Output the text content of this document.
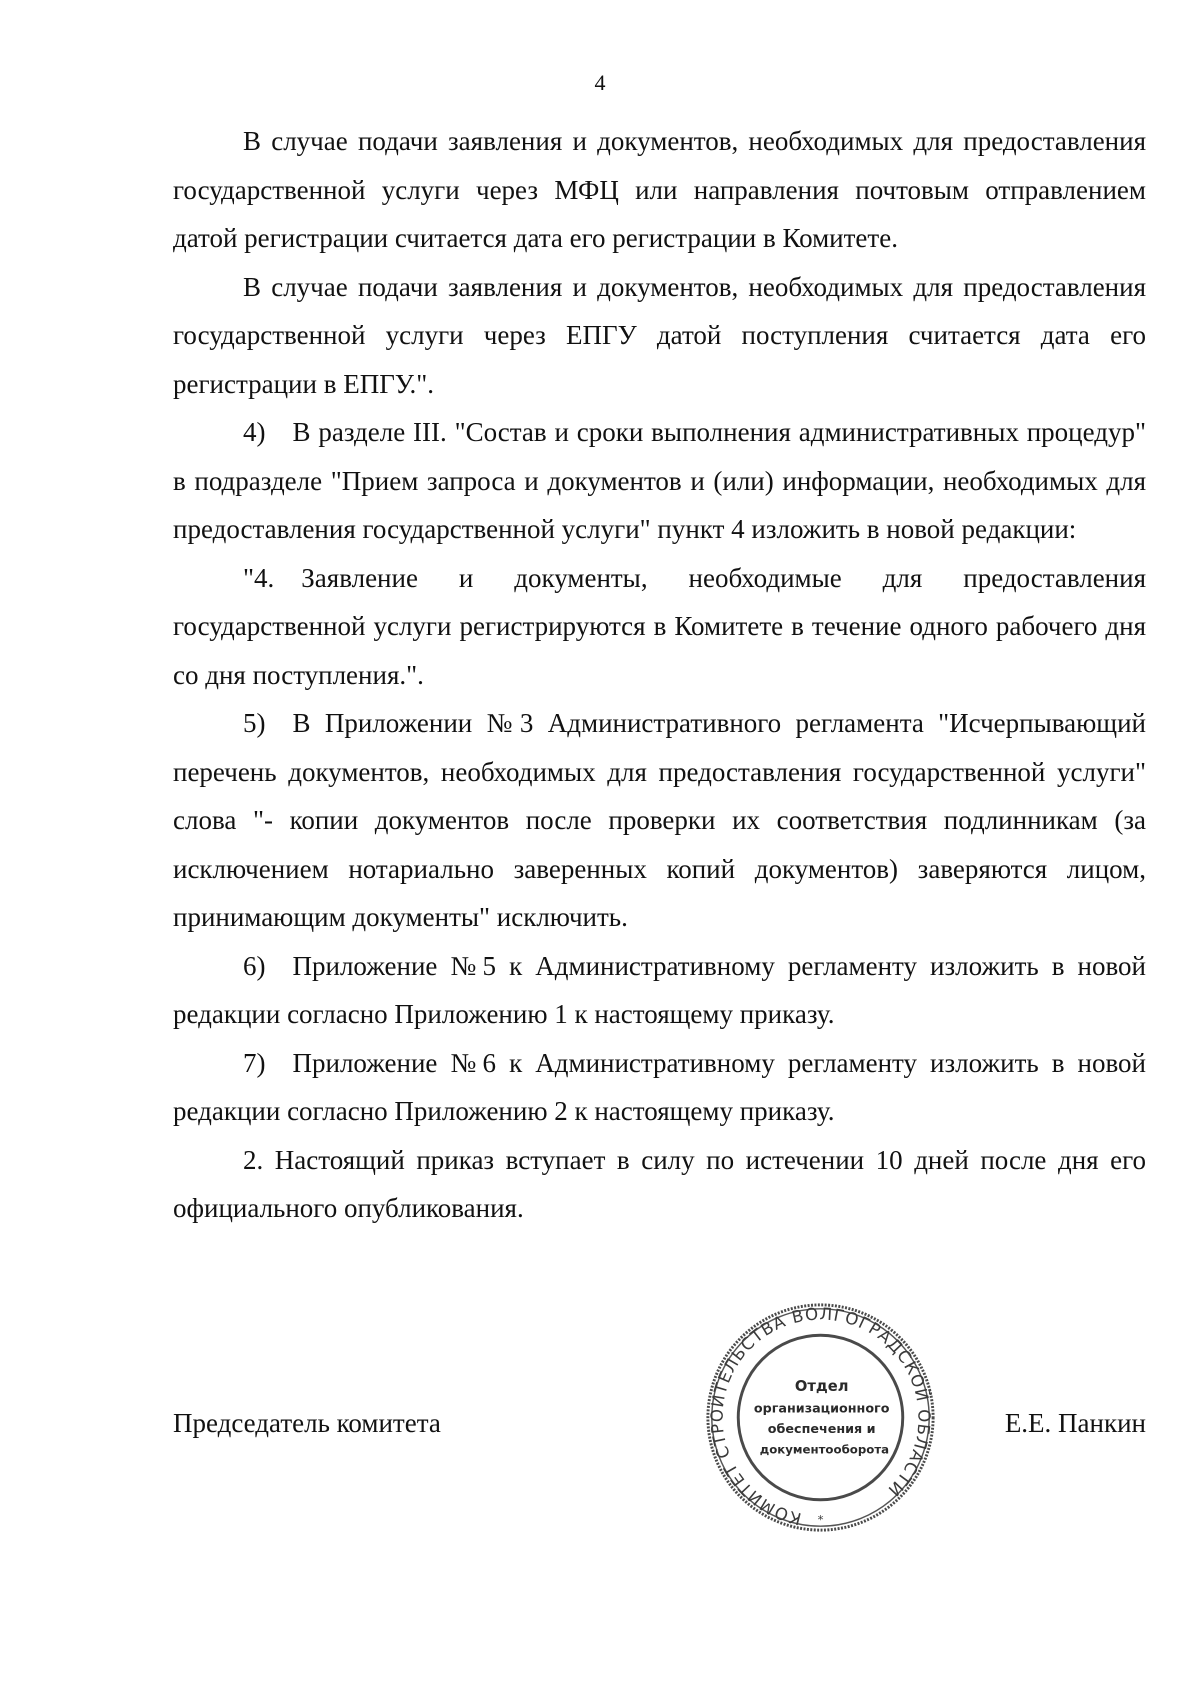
4

В случае подачи заявления и документов, необходимых для предоставления государственной услуги через МФЦ или направления почтовым отправлением датой регистрации считается дата его регистрации в Комитете.

В случае подачи заявления и документов, необходимых для предоставления государственной услуги через ЕПГУ датой поступления считается дата его регистрации в ЕПГУ.".

4) В разделе III. "Состав и сроки выполнения административных процедур" в подразделе "Прием запроса и документов и (или) информации, необходимых для предоставления государственной услуги" пункт 4 изложить в новой редакции:

"4. Заявление и документы, необходимые для предоставления государственной услуги регистрируются в Комитете в течение одного рабочего дня со дня поступления.".

5) В Приложении №3 Административного регламента "Исчерпывающий перечень документов, необходимых для предоставления государственной услуги" слова "- копии документов после проверки их соответствия подлинникам (за исключением нотариально заверенных копий документов) заверяются лицом, принимающим документы" исключить.

6) Приложение №5 к Административному регламенту изложить в новой редакции согласно Приложению 1 к настоящему приказу.

7) Приложение №6 к Административному регламенту изложить в новой редакции согласно Приложению 2 к настоящему приказу.

2. Настоящий приказ вступает в силу по истечении 10 дней после дня его официального опубликования.

Председатель комитета	Е.Е. Панкин
КОМИТЕТ СТРОИТЕЛЬСТВА ВОЛГОГРАДСКОЙ ОБЛАСТИ
*
Отдел организационного обеспечения и документооборота
